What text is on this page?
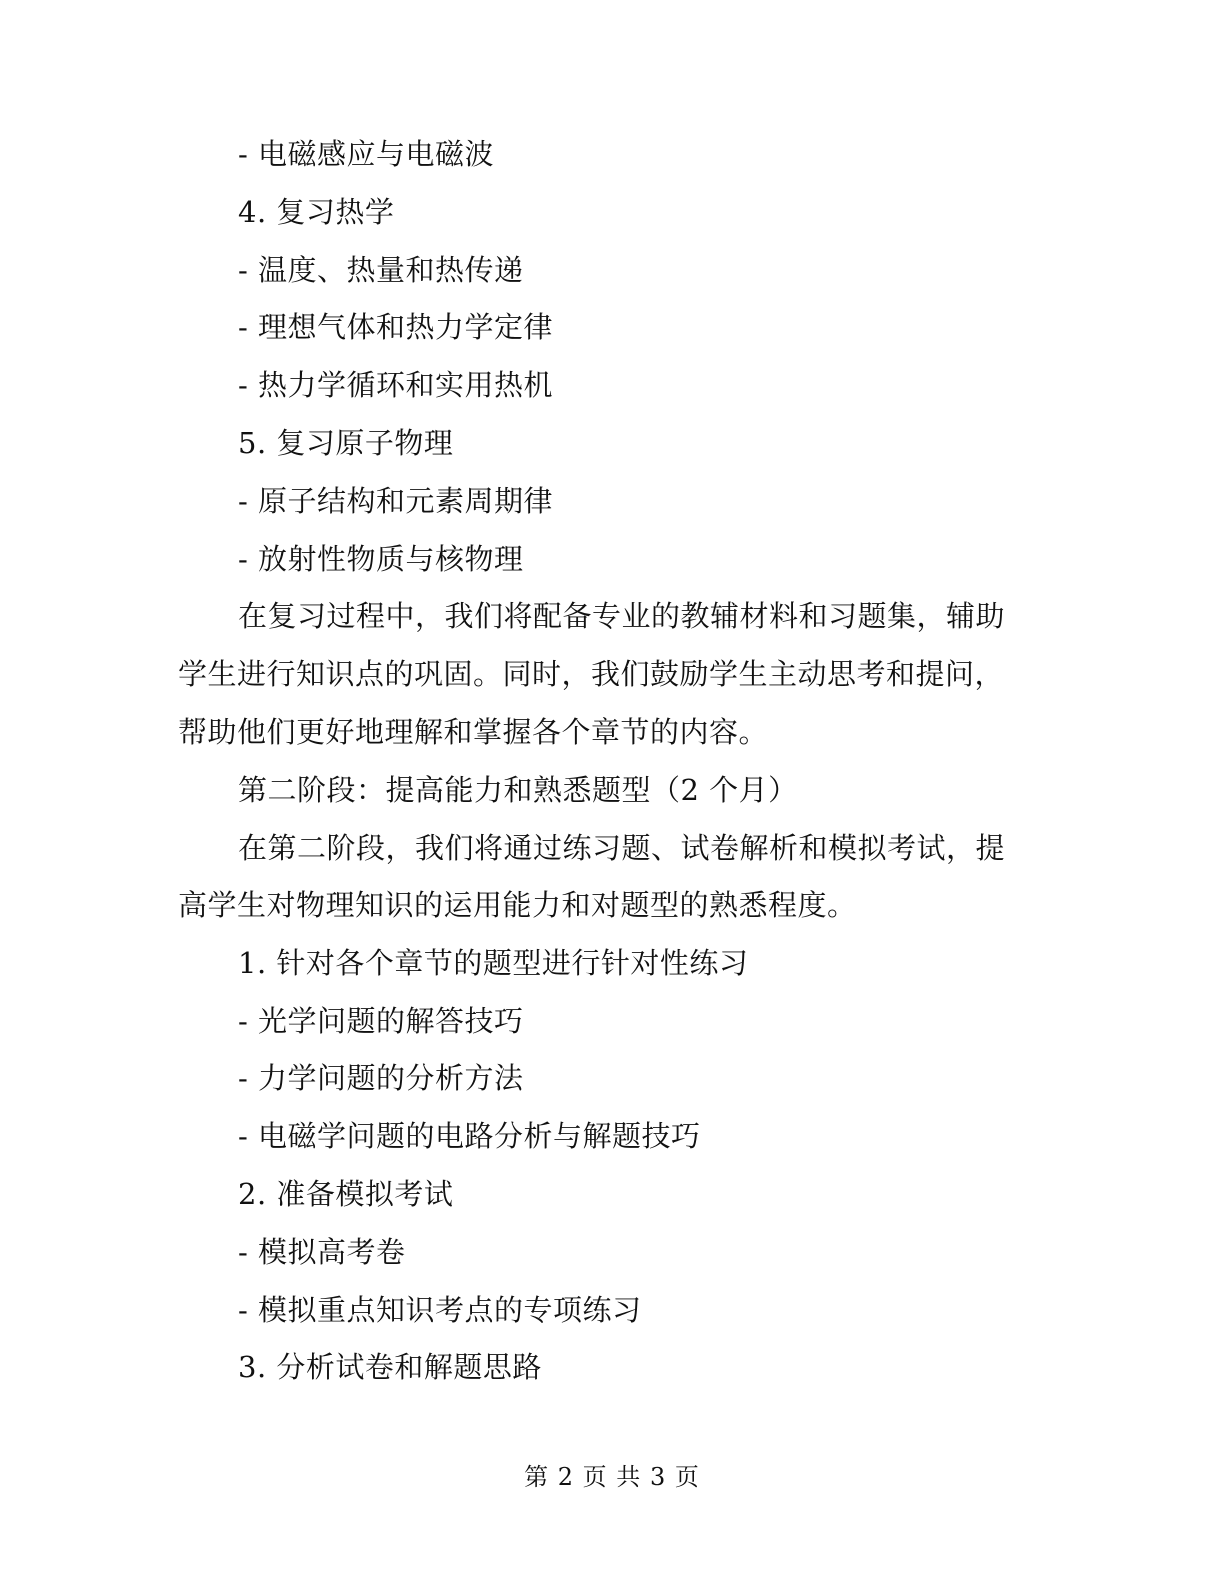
- 电磁感应与电磁波
4. 复习热学
- 温度、热量和热传递
- 理想气体和热力学定律
- 热力学循环和实用热机
5. 复习原子物理
- 原子结构和元素周期律
- 放射性物质与核物理
在复习过程中，我们将配备专业的教辅材料和习题集，辅助
学生进行知识点的巩固。同时，我们鼓励学生主动思考和提问，
帮助他们更好地理解和掌握各个章节的内容。
第二阶段：提高能力和熟悉题型（2 个月）
在第二阶段，我们将通过练习题、试卷解析和模拟考试，提
高学生对物理知识的运用能力和对题型的熟悉程度。
1. 针对各个章节的题型进行针对性练习
- 光学问题的解答技巧
- 力学问题的分析方法
- 电磁学问题的电路分析与解题技巧
2. 准备模拟考试
- 模拟高考卷
- 模拟重点知识考点的专项练习
3. 分析试卷和解题思路
第 2 页 共 3 页
